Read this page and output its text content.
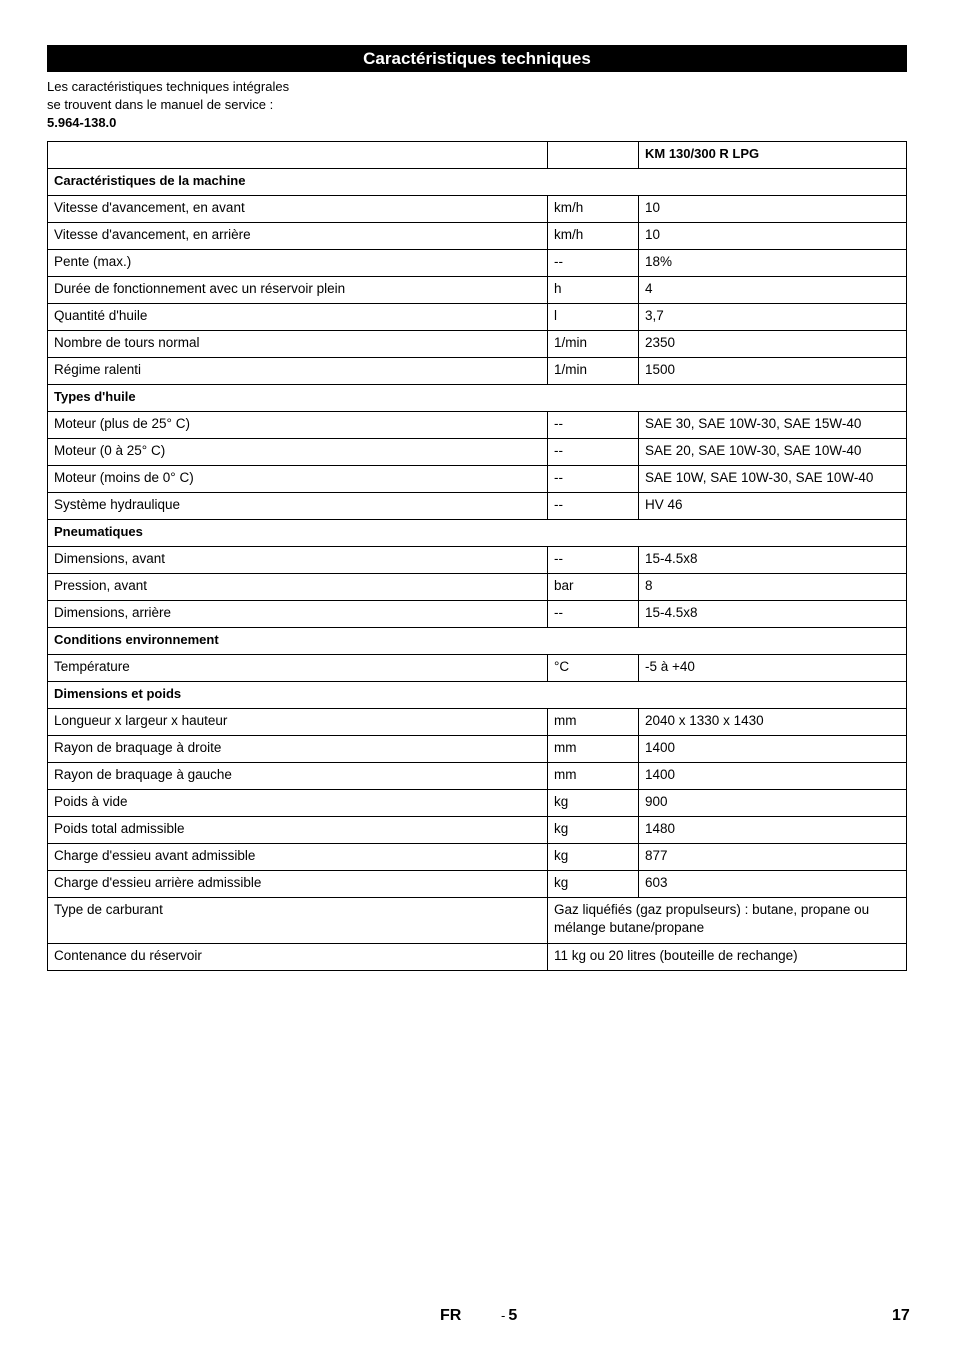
Caractéristiques techniques
Les caractéristiques techniques intégrales
se trouvent dans le manuel de service :
5.964-138.0
		KM 130/300 R LPG
Caractéristiques de la machine		
Vitesse d'avancement, en avant	km/h	10
Vitesse d'avancement, en arrière	km/h	10
Pente (max.)	--	18%
Durée de fonctionnement avec un réservoir plein	h	4
Quantité d'huile	l	3,7
Nombre de tours normal	1/min	2350
Régime ralenti	1/min	1500
Types d'huile		
Moteur (plus de 25° C)	--	SAE 30, SAE 10W-30, SAE 15W-40
Moteur (0 à 25° C)	--	SAE 20, SAE 10W-30, SAE 10W-40
Moteur (moins de 0° C)	--	SAE 10W, SAE 10W-30, SAE 10W-40
Système hydraulique	--	HV 46
Pneumatiques		
Dimensions, avant	--	15-4.5x8
Pression, avant	bar	8
Dimensions, arrière	--	15-4.5x8
Conditions environnement		
Température	°C	-5 à +40
Dimensions et poids		
Longueur x largeur x hauteur	mm	2040 x 1330 x 1430
Rayon de braquage à droite	mm	1400
Rayon de braquage à gauche	mm	1400
Poids à vide	kg	900
Poids total admissible	kg	1480
Charge d'essieu avant admissible	kg	877
Charge d'essieu arrière admissible	kg	603
Type de carburant	Gaz liquéfiés (gaz propulseurs) : butane, propane ou mélange butane/propane	
Contenance du réservoir	11 kg ou 20 litres (bouteille de rechange)	
FR	- 5	17
